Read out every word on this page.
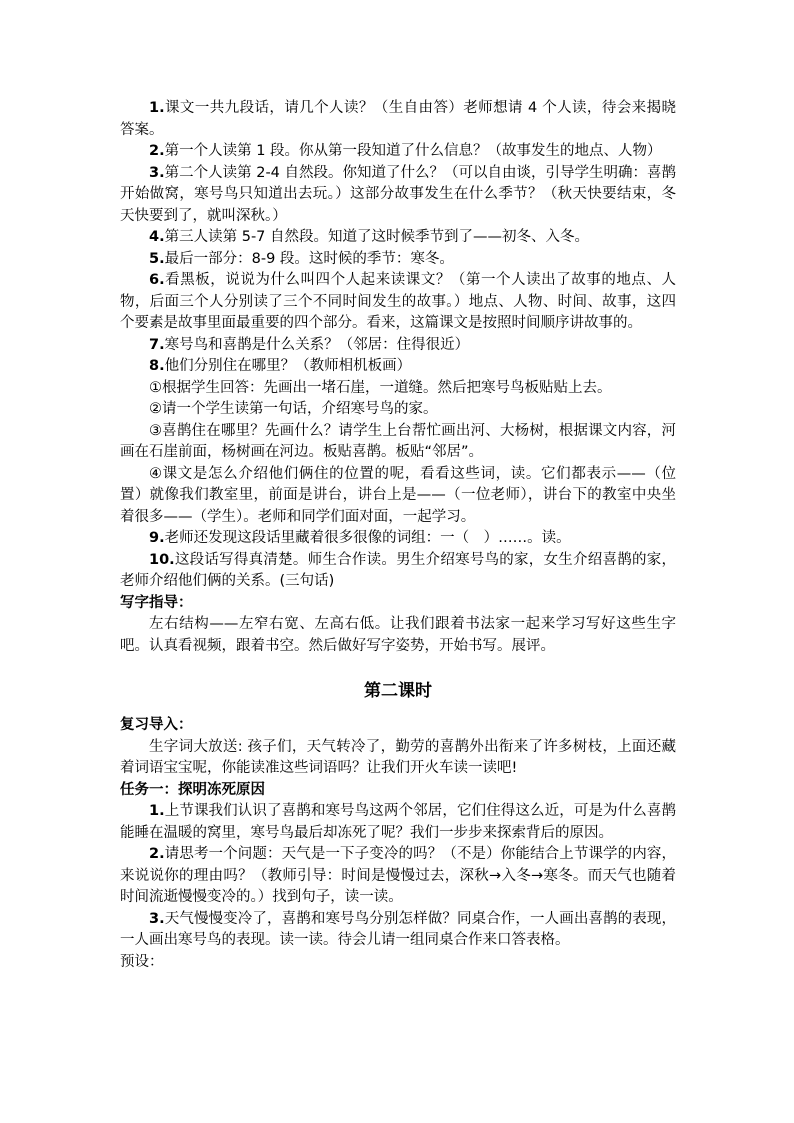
1.课文一共九段话，请几个人读？（生自由答）老师想请 4 个人读，待会来揭晓答案。

2.第一个人读第 1 段。你从第一段知道了什么信息？（故事发生的地点、人物）

3.第二个人读第 2-4 自然段。你知道了什么？（可以自由谈，引导学生明确：喜鹊开始做窝，寒号鸟只知道出去玩。）这部分故事发生在什么季节？（秋天快要结束，冬天快要到了，就叫深秋。）

4.第三人读第 5-7 自然段。知道了这时候季节到了——初冬、入冬。

5.最后一部分：8-9 段。这时候的季节：寒冬。

6.看黑板，说说为什么叫四个人起来读课文？（第一个人读出了故事的地点、人物，后面三个人分别读了三个不同时间发生的故事。）地点、人物、时间、故事，这四个要素是故事里面最重要的四个部分。看来，这篇课文是按照时间顺序讲故事的。

7.寒号鸟和喜鹊是什么关系？（邻居：住得很近）

8.他们分别住在哪里？（教师相机板画）

①根据学生回答：先画出一堵石崖，一道缝。然后把寒号鸟板贴贴上去。

②请一个学生读第一句话，介绍寒号鸟的家。

③喜鹊住在哪里？先画什么？请学生上台帮忙画出河、大杨树，根据课文内容，河画在石崖前面，杨树画在河边。板贴喜鹊。板贴“邻居”。

④课文是怎么介绍他们俩住的位置的呢，看看这些词，读。它们都表示——（位置）就像我们教室里，前面是讲台，讲台上是——（一位老师），讲台下的教室中央坐着很多——（学生）。老师和同学们面对面，一起学习。

9.老师还发现这段话里藏着很多很像的词组：一（　）……。读。

10.这段话写得真清楚。师生合作读。男生介绍寒号鸟的家，女生介绍喜鹊的家，老师介绍他们俩的关系。(三句话)

写字指导：

左右结构——左窄右宽、左高右低。让我们跟着书法家一起来学习写好这些生字吧。认真看视频，跟着书空。然后做好写字姿势，开始书写。展评。

第二课时

复习导入：

生字词大放送: 孩子们，天气转冷了，勤劳的喜鹊外出衔来了许多树枝，上面还藏着词语宝宝呢，你能读准这些词语吗？让我们开火车读一读吧!

任务一：探明冻死原因

1.上节课我们认识了喜鹊和寒号鸟这两个邻居，它们住得这么近，可是为什么喜鹊能睡在温暖的窝里，寒号鸟最后却冻死了呢？我们一步步来探索背后的原因。

2.请思考一个问题：天气是一下子变冷的吗？（不是）你能结合上节课学的内容，来说说你的理由吗？（教师引导：时间是慢慢过去，深秋→入冬→寒冬。而天气也随着时间流逝慢慢变冷的。）找到句子，读一读。

3.天气慢慢变冷了，喜鹊和寒号鸟分别怎样做？同桌合作，一人画出喜鹊的表现，一人画出寒号鸟的表现。读一读。待会儿请一组同桌合作来口答表格。

预设：
